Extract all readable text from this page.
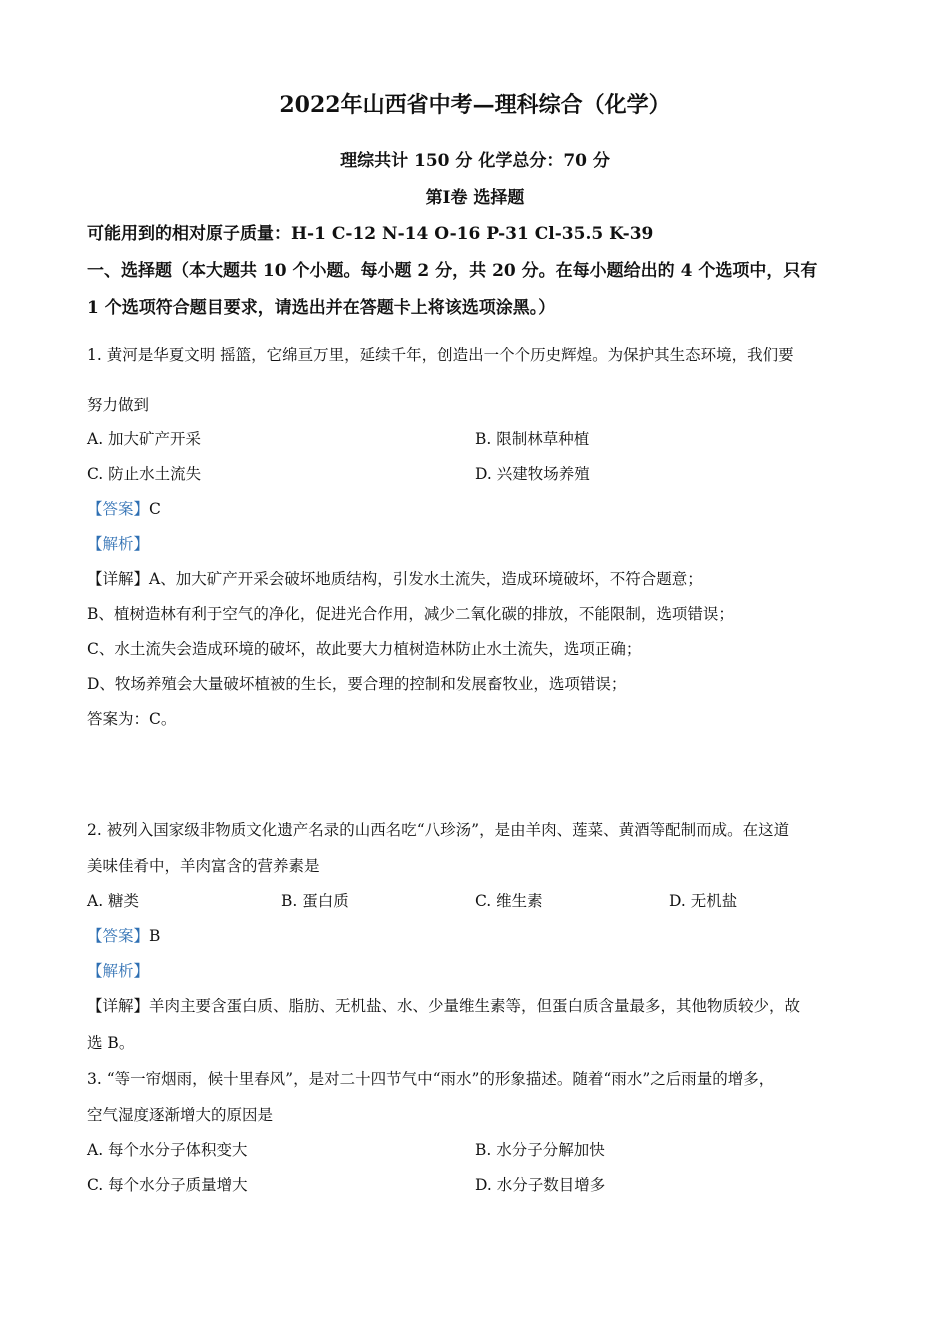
2022年山西省中考—理科综合（化学）
理综共计 150 分 化学总分：70 分
第Ⅰ卷 选择题
可能用到的相对原子质量：H-1 C-12 N-14 O-16 P-31 Cl-35.5 K-39
一、选择题（本大题共 10 个小题。每小题 2 分，共 20 分。在每小题给出的 4 个选项中，只有
1 个选项符合题目要求，请选出并在答题卡上将该选项涂黑。）
1. 黄河是华夏文明 摇篮，它绵亘万里，延续千年，创造出一个个历史辉煌。为保护其生态环境，我们要
努力做到
A. 加大矿产开采	B. 限制林草种植
C. 防止水土流失	D. 兴建牧场养殖
【答案】C
【解析】
【详解】A、加大矿产开采会破坏地质结构，引发水土流失，造成环境破坏，不符合题意；
B、植树造林有利于空气的净化，促进光合作用，减少二氧化碳的排放，不能限制，选项错误；
C、水土流失会造成环境的破坏，故此要大力植树造林防止水土流失，选项正确；
D、牧场养殖会大量破坏植被的生长，要合理的控制和发展畜牧业，选项错误；
答案为：C。
2. 被列入国家级非物质文化遗产名录的山西名吃“八珍汤”，是由羊肉、莲菜、黄酒等配制而成。在这道
美味佳肴中，羊肉富含的营养素是
A. 糖类	B. 蛋白质	C. 维生素	D. 无机盐
【答案】B
【解析】
【详解】羊肉主要含蛋白质、脂肪、无机盐、水、少量维生素等，但蛋白质含量最多，其他物质较少，故
选 B。
3. “等一帘烟雨，候十里春风”，是对二十四节气中“雨水”的形象描述。随着“雨水”之后雨量的增多，
空气湿度逐渐增大的原因是
A. 每个水分子体积变大	B. 水分子分解加快
C. 每个水分子质量增大	D. 水分子数目增多
